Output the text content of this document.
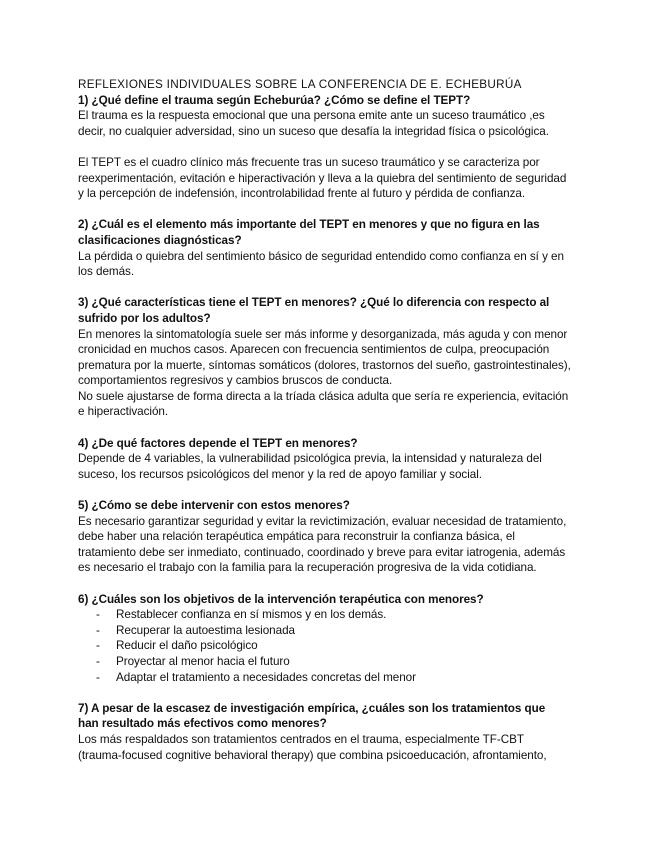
REFLEXIONES INDIVIDUALES SOBRE LA CONFERENCIA DE E. ECHEBURÚA
1) ¿Qué define el trauma según Echeburúa? ¿Cómo se define el TEPT?
El trauma es la respuesta emocional que una persona emite ante un suceso traumático ,es
decir, no cualquier adversidad, sino un suceso que desafía la integridad física o psicológica.
El TEPT es el cuadro clínico más frecuente tras un suceso traumático y se caracteriza por
reexperimentación, evitación e hiperactivación y lleva a la quiebra del sentimiento de seguridad
y la percepción de indefensión, incontrolabilidad frente al futuro y pérdida de confianza.
2) ¿Cuál es el elemento más importante del TEPT en menores y que no figura en las
clasificaciones diagnósticas?
La pérdida o quiebra del sentimiento básico de seguridad entendido como confianza en sí y en
los demás.
3) ¿Qué características tiene el TEPT en menores? ¿Qué lo diferencia con respecto al
sufrido por los adultos?
En menores la sintomatología suele ser más informe y desorganizada, más aguda y con menor
cronicidad en muchos casos. Aparecen con frecuencia sentimientos de culpa, preocupación
prematura por la muerte, síntomas somáticos (dolores, trastornos del sueño, gastrointestinales),
comportamientos regresivos y cambios bruscos de conducta.
No suele ajustarse de forma directa a la tríada clásica adulta que sería re experiencia, evitación
e hiperactivación.
4) ¿De qué factores depende el TEPT en menores?
Depende de 4 variables, la vulnerabilidad psicológica previa, la intensidad y naturaleza del
suceso, los recursos psicológicos del menor y la red de apoyo familiar y social.
5) ¿Cómo se debe intervenir con estos menores?
Es necesario garantizar seguridad y evitar la revictimización, evaluar necesidad de tratamiento,
debe haber una relación terapéutica empática para reconstruir la confianza básica, el
tratamiento debe ser inmediato, continuado, coordinado y breve para evitar iatrogenia, además
es necesario el trabajo con la familia para la recuperación progresiva de la vida cotidiana.
6) ¿Cuáles son los objetivos de la intervención terapéutica con menores?
- Restablecer confianza en sí mismos y en los demás.
- Recuperar la autoestima lesionada
- Reducir el daño psicológico
- Proyectar al menor hacia el futuro
- Adaptar el tratamiento a necesidades concretas del menor
7) A pesar de la escasez de investigación empírica, ¿cuáles son los tratamientos que
han resultado más efectivos como menores?
Los más respaldados son tratamientos centrados en el trauma, especialmente TF-CBT
(trauma-focused cognitive behavioral therapy) que combina psicoeducación, afrontamiento,
